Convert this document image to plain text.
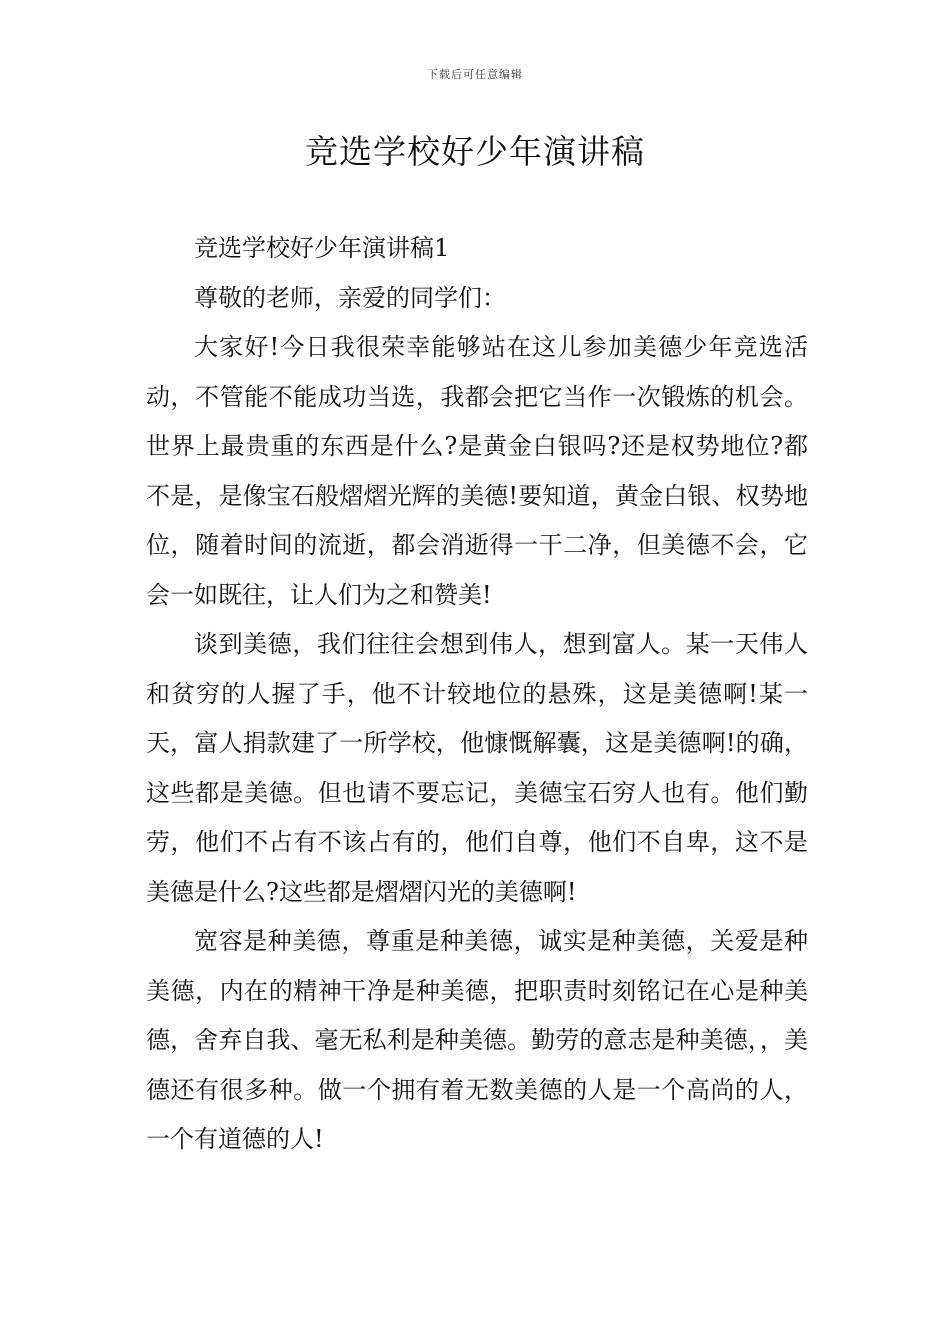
下载后可任意编辑
竞选学校好少年演讲稿

竞选学校好少年演讲稿1

尊敬的老师，亲爱的同学们：

大家好!今日我很荣幸能够站在这儿参加美德少年竞选活动，不管能不能成功当选，我都会把它当作一次锻炼的机会。世界上最贵重的东西是什么?是黄金白银吗?还是权势地位?都不是，是像宝石般熠熠光辉的美德!要知道，黄金白银、权势地位，随着时间的流逝，都会消逝得一干二净，但美德不会，它会一如既往，让人们为之和赞美!

谈到美德，我们往往会想到伟人，想到富人。某一天伟人和贫穷的人握了手，他不计较地位的悬殊，这是美德啊!某一天，富人捐款建了一所学校，他慷慨解囊，这是美德啊!的确，这些都是美德。但也请不要忘记，美德宝石穷人也有。他们勤劳，他们不占有不该占有的，他们自尊，他们不自卑，这不是美德是什么?这些都是熠熠闪光的美德啊!

宽容是种美德，尊重是种美德，诚实是种美德，关爱是种美德，内在的精神干净是种美德，把职责时刻铭记在心是种美德，舍弃自我、毫无私利是种美德。勤劳的意志是种美德，，美德还有很多种。做一个拥有着无数美德的人是一个高尚的人，一个有道德的人!
